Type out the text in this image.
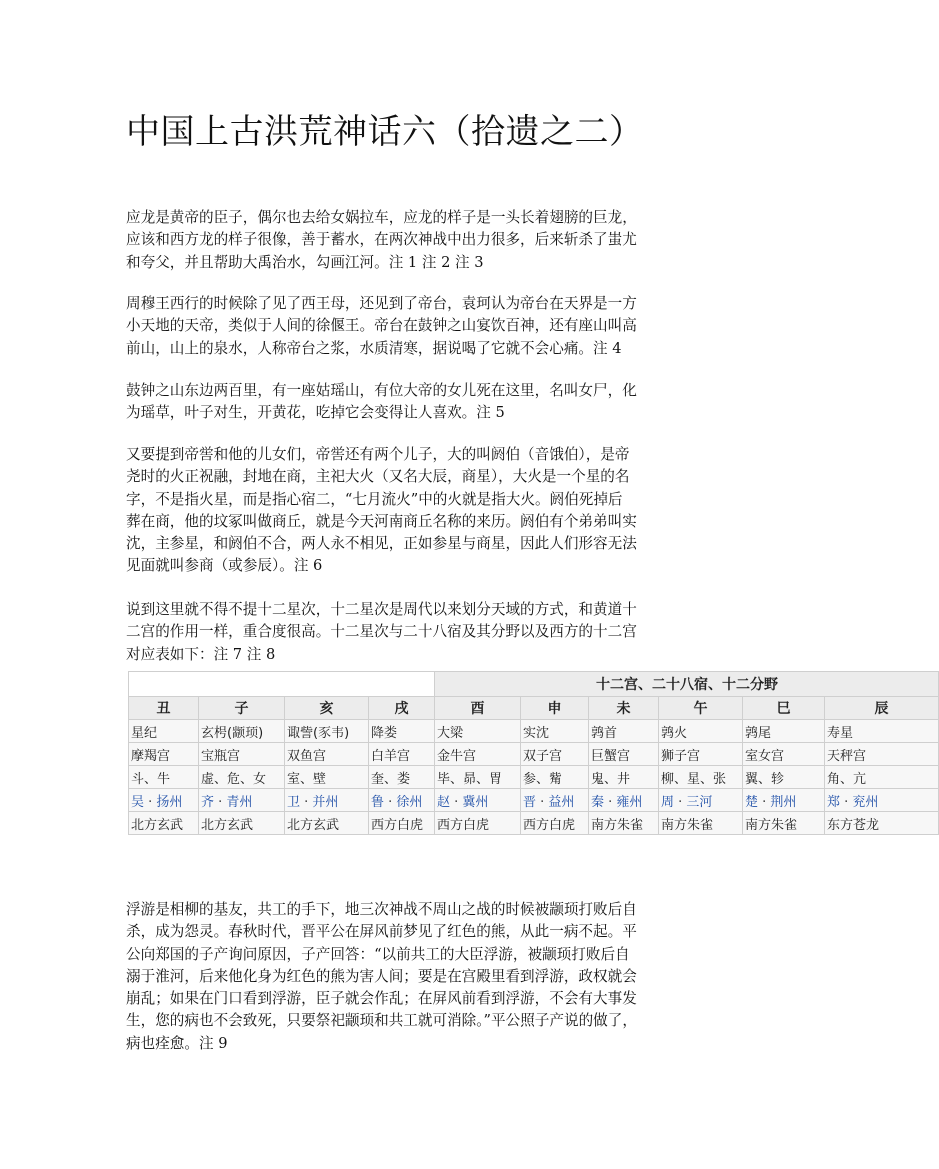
中国上古洪荒神话六（拾遗之二）
应龙是黄帝的臣子，偶尔也去给女娲拉车，应龙的样子是一头长着翅膀的巨龙，
应该和西方龙的样子很像，善于蓄水，在两次神战中出力很多，后来斩杀了蚩尤
和夸父，并且帮助大禹治水，勾画江河。注 1 注 2 注 3
周穆王西行的时候除了见了西王母，还见到了帝台，袁珂认为帝台在天界是一方
小天地的天帝，类似于人间的徐偃王。帝台在鼓钟之山宴饮百神，还有座山叫高
前山，山上的泉水，人称帝台之浆，水质清寒，据说喝了它就不会心痛。注 4
鼓钟之山东边两百里，有一座姑瑶山，有位大帝的女儿死在这里，名叫女尸，化
为瑶草，叶子对生，开黄花，吃掉它会变得让人喜欢。注 5
又要提到帝喾和他的儿女们，帝喾还有两个儿子，大的叫阏伯（音饿伯），是帝
尧时的火正祝融，封地在商，主祀大火（又名大辰，商星），大火是一个星的名
字，不是指火星，而是指心宿二，“七月流火”中的火就是指大火。阏伯死掉后
葬在商，他的坟冢叫做商丘，就是今天河南商丘名称的来历。阏伯有个弟弟叫实
沈，主参星，和阏伯不合，两人永不相见，正如参星与商星，因此人们形容无法
见面就叫参商（或参辰）。注 6
说到这里就不得不提十二星次，十二星次是周代以来划分天域的方式，和黄道十
二宫的作用一样，重合度很高。十二星次与二十八宿及其分野以及西方的十二宫
对应表如下：注 7 注 8
				十二宫、二十八宿、十二分野					
丑	子	亥	戌	酉	申	未	午	巳	辰
星纪	玄枵(颛顼)	诹訾(豕韦)	降娄	大梁	实沈	鹑首	鹑火	鹑尾	寿星
摩羯宫	宝瓶宫	双鱼宫	白羊宫	金牛宫	双子宫	巨蟹宫	狮子宫	室女宫	天秤宫
斗、牛	虚、危、女	室、壁	奎、娄	毕、昴、胃	参、觜	鬼、井	柳、星、张	翼、轸	角、亢
吴 · 扬州	齐 · 青州	卫 · 并州	鲁 · 徐州	赵 · 冀州	晋 · 益州	秦 · 雍州	周 · 三河	楚 · 荆州	郑 · 兖州
北方玄武	北方玄武	北方玄武	西方白虎	西方白虎	西方白虎	南方朱雀	南方朱雀	南方朱雀	东方苍龙
浮游是相柳的基友，共工的手下，地三次神战不周山之战的时候被颛顼打败后自
杀，成为怨灵。春秋时代，晋平公在屏风前梦见了红色的熊，从此一病不起。平
公向郑国的子产询问原因，子产回答：“以前共工的大臣浮游，被颛顼打败后自
溺于淮河，后来他化身为红色的熊为害人间；要是在宫殿里看到浮游，政权就会
崩乱；如果在门口看到浮游，臣子就会作乱；在屏风前看到浮游，不会有大事发
生，您的病也不会致死，只要祭祀颛顼和共工就可消除。”平公照子产说的做了，
病也痊愈。注 9
